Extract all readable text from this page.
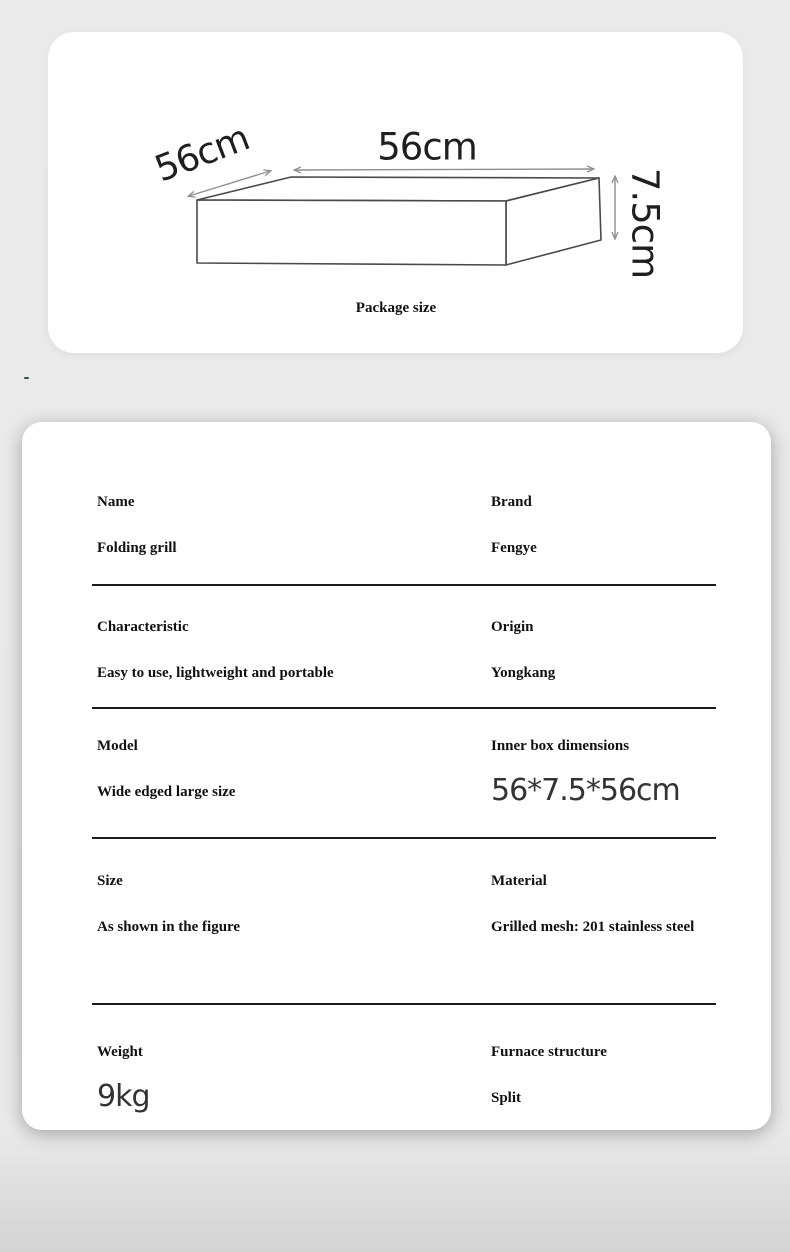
56cm	56cm
7.5cm
Package size
Name
Folding grill
Brand
Fengye
Characteristic
Easy to use, lightweight and portable
Origin
Yongkang
Model
Wide edged large size
Inner box dimensions
56*7.5*56cm
Size
As shown in the figure
Material
Grilled mesh: 201 stainless steel
Weight
9kg
Furnace structure
Split
